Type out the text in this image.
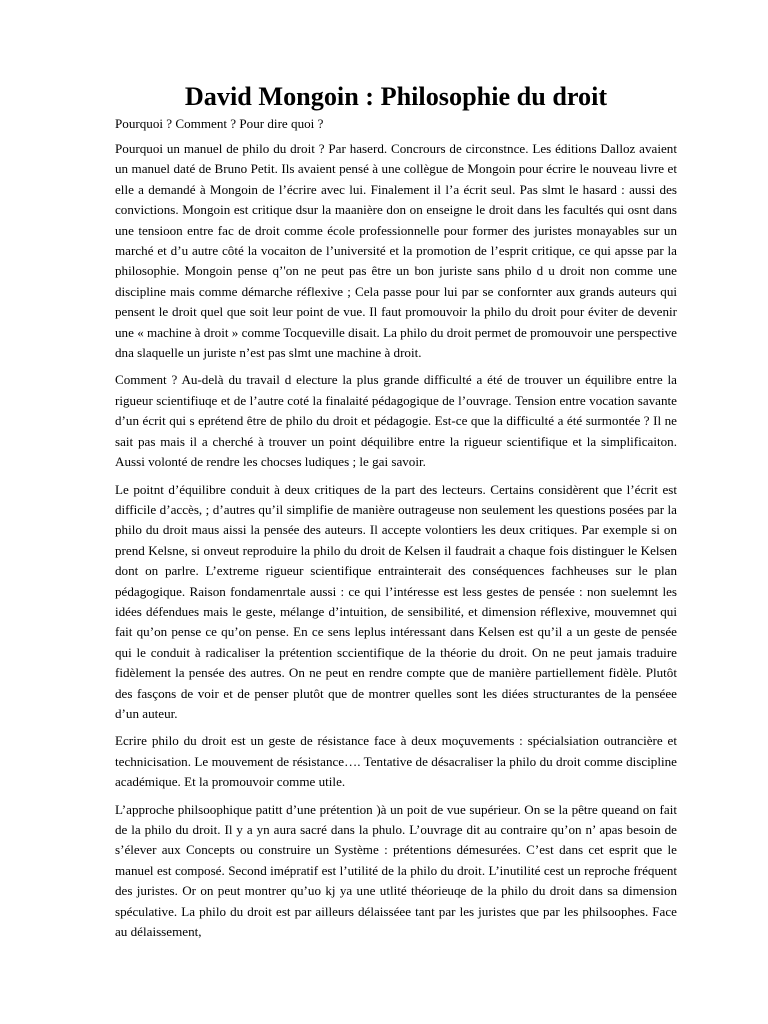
David Mongoin : Philosophie du droit

Pourquoi ? Comment ? Pour dire quoi ?

Pourquoi un manuel de philo du droit ? Par haserd. Concrours de circonstnce. Les éditions Dalloz avaient un manuel daté de Bruno Petit. Ils avaient pensé à une collègue de Mongoin pour écrire le nouveau livre et elle a demandé à Mongoin de l’écrire avec lui. Finalement il l’a écrit seul. Pas slmt le hasard : aussi des convictions. Mongoin est critique dsur la maanière don on enseigne le droit dans les facultés qui osnt dans une tensioon entre fac de droit comme école professionnelle pour former des juristes monayables sur un marché et d’u autre côté la vocaiton de l’université et la promotion de l’esprit critique, ce qui apsse par la philosophie. Mongoin pense q’'on ne peut pas être un bon juriste sans philo d u droit non comme une discipline mais comme démarche réflexive ; Cela passe pour lui par se confornter aux grands auteurs qui pensent le droit quel que soit leur point de vue. Il faut promouvoir la philo du droit pour éviter de devenir une « machine à droit » comme Tocqueville disait. La philo du droit permet de promouvoir une perspective dna slaquelle un juriste n’est pas slmt une machine à droit.

Comment ? Au-delà du travail d electure la plus grande difficulté a été de trouver un équilibre entre la rigueur scientifiuqe et de l’autre coté la finalaité pédagogique de l’ouvrage. Tension entre vocation savante d’un écrit qui s eprétend être de philo du droit et pédagogie. Est-ce que la difficulté a été surmontée ? Il ne sait pas mais il a cherché à trouver un point déquilibre entre la rigueur scientifique et la simplificaiton. Aussi volonté de rendre les chocses ludiques ; le gai savoir.

Le poitnt d’équilibre conduit à deux critiques de la part des lecteurs. Certains considèrent que l’écrit est difficile d’accès, ; d’autres qu’il simplifie de manière outrageuse non seulement les questions posées par la philo du droit maus aissi la pensée des auteurs. Il accepte volontiers les deux critiques. Par exemple si on prend Kelsne, si onveut reproduire la philo du droit de Kelsen il faudrait a chaque fois distinguer le Kelsen dont on parlre. L’extreme rigueur scientifique entrainterait des conséquences fachheuses sur le plan pédagogique. Raison fondamenrtale aussi : ce qui l’intéresse est less gestes de pensée : non suelemnt les idées défendues mais le geste, mélange d’intuition, de sensibilité, et dimension réflexive, mouvemnet qui fait qu’on pense ce qu’on pense. En ce sens leplus intéressant dans Kelsen est qu’il a un geste de pensée qui le conduit à radicaliser la prétention sccientifique de la théorie du droit. On ne peut jamais traduire fidèlement la pensée des autres. On ne peut en rendre compte que de manière partiellement fidèle. Plutôt des fasçons de voir et de penser plutôt que de montrer quelles sont les diées structurantes de la penséee d’un auteur.

Ecrire philo du droit est un geste de résistance face à deux moçuvements : spécialsiation outrancière et technicisation. Le mouvement de résistance…. Tentative de désacraliser la philo du droit comme discipline académique. Et la promouvoir comme utile.

L’approche philsoophique patitt d’une prétention )à un poit de vue supérieur. On se la pêtre queand on fait de la philo du droit. Il y a yn aura sacré dans la phulo. L’ouvrage dit au contraire qu’on n’ apas besoin de s’élever aux Concepts ou construire un Système : prétentions démesurées. C’est dans cet esprit que le manuel est composé. Second imépratif est l’utilité de la philo du droit. L’inutilité cest un reproche fréquent des juristes. Or on peut montrer qu’uo kj ya une utlité théorieuqe de la philo du droit dans sa dimension spéculative. La philo du droit est par ailleurs délaisséee tant par les juristes que par les philsoophes. Face au délaissement,
